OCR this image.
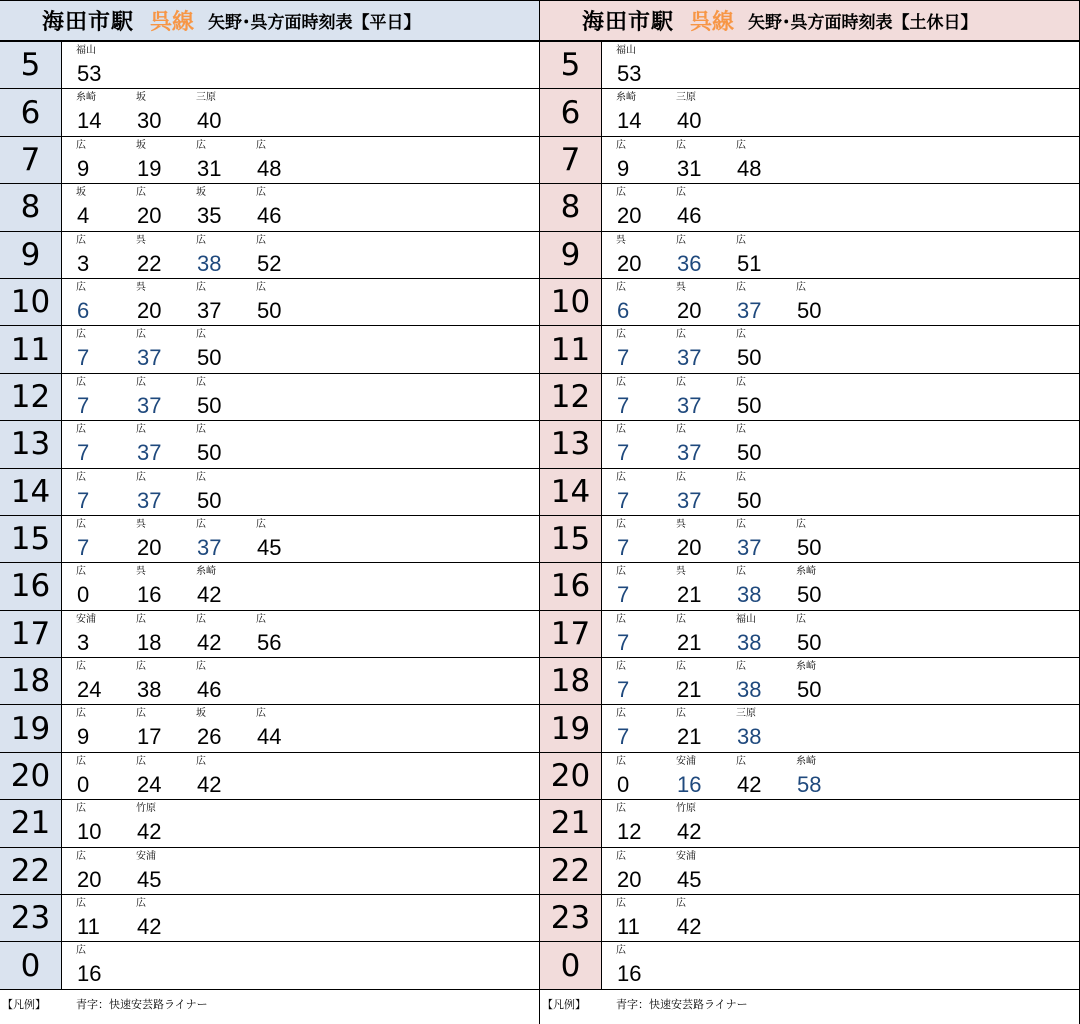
海田市駅 呉線 矢野･呉方面時刻表【平日】
5	福山
53
6	糸崎
14
坂
30
三原
40
7	広
9
坂
19
広
31
広
48
8	坂
4
広
20
坂
35
広
46
9	広
3
呉
22
広
38
広
52
10	広
6
呉
20
広
37
広
50
11	広
7
広
37
広
50
12	広
7
広
37
広
50
13	広
7
広
37
広
50
14	広
7
広
37
広
50
15	広
7
呉
20
広
37
広
45
16	広
0
呉
16
糸崎
42
17	安浦
3
広
18
広
42
広
56
18	広
24
広
38
広
46
19	広
9
広
17
坂
26
広
44
20	広
0
広
24
広
42
21	広
10
竹原
42
22	広
20
安浦
45
23	広
11
広
42
0	広
16
【凡例】	青字：快速安芸路ライナー
海田市駅 呉線 矢野･呉方面時刻表【土休日】
5	福山
53
6	糸崎
14
三原
40
7	広
9
広
31
広
48
8	広
20
広
46
9	呉
20
広
36
広
51
10	広
6
呉
20
広
37
広
50
11	広
7
広
37
広
50
12	広
7
広
37
広
50
13	広
7
広
37
広
50
14	広
7
広
37
広
50
15	広
7
呉
20
広
37
広
50
16	広
7
呉
21
広
38
糸崎
50
17	広
7
広
21
福山
38
広
50
18	広
7
広
21
広
38
糸崎
50
19	広
7
広
21
三原
38
20	広
0
安浦
16
広
42
糸崎
58
21	広
12
竹原
42
22	広
20
安浦
45
23	広
11
広
42
0	広
16
【凡例】	青字：快速安芸路ライナー
